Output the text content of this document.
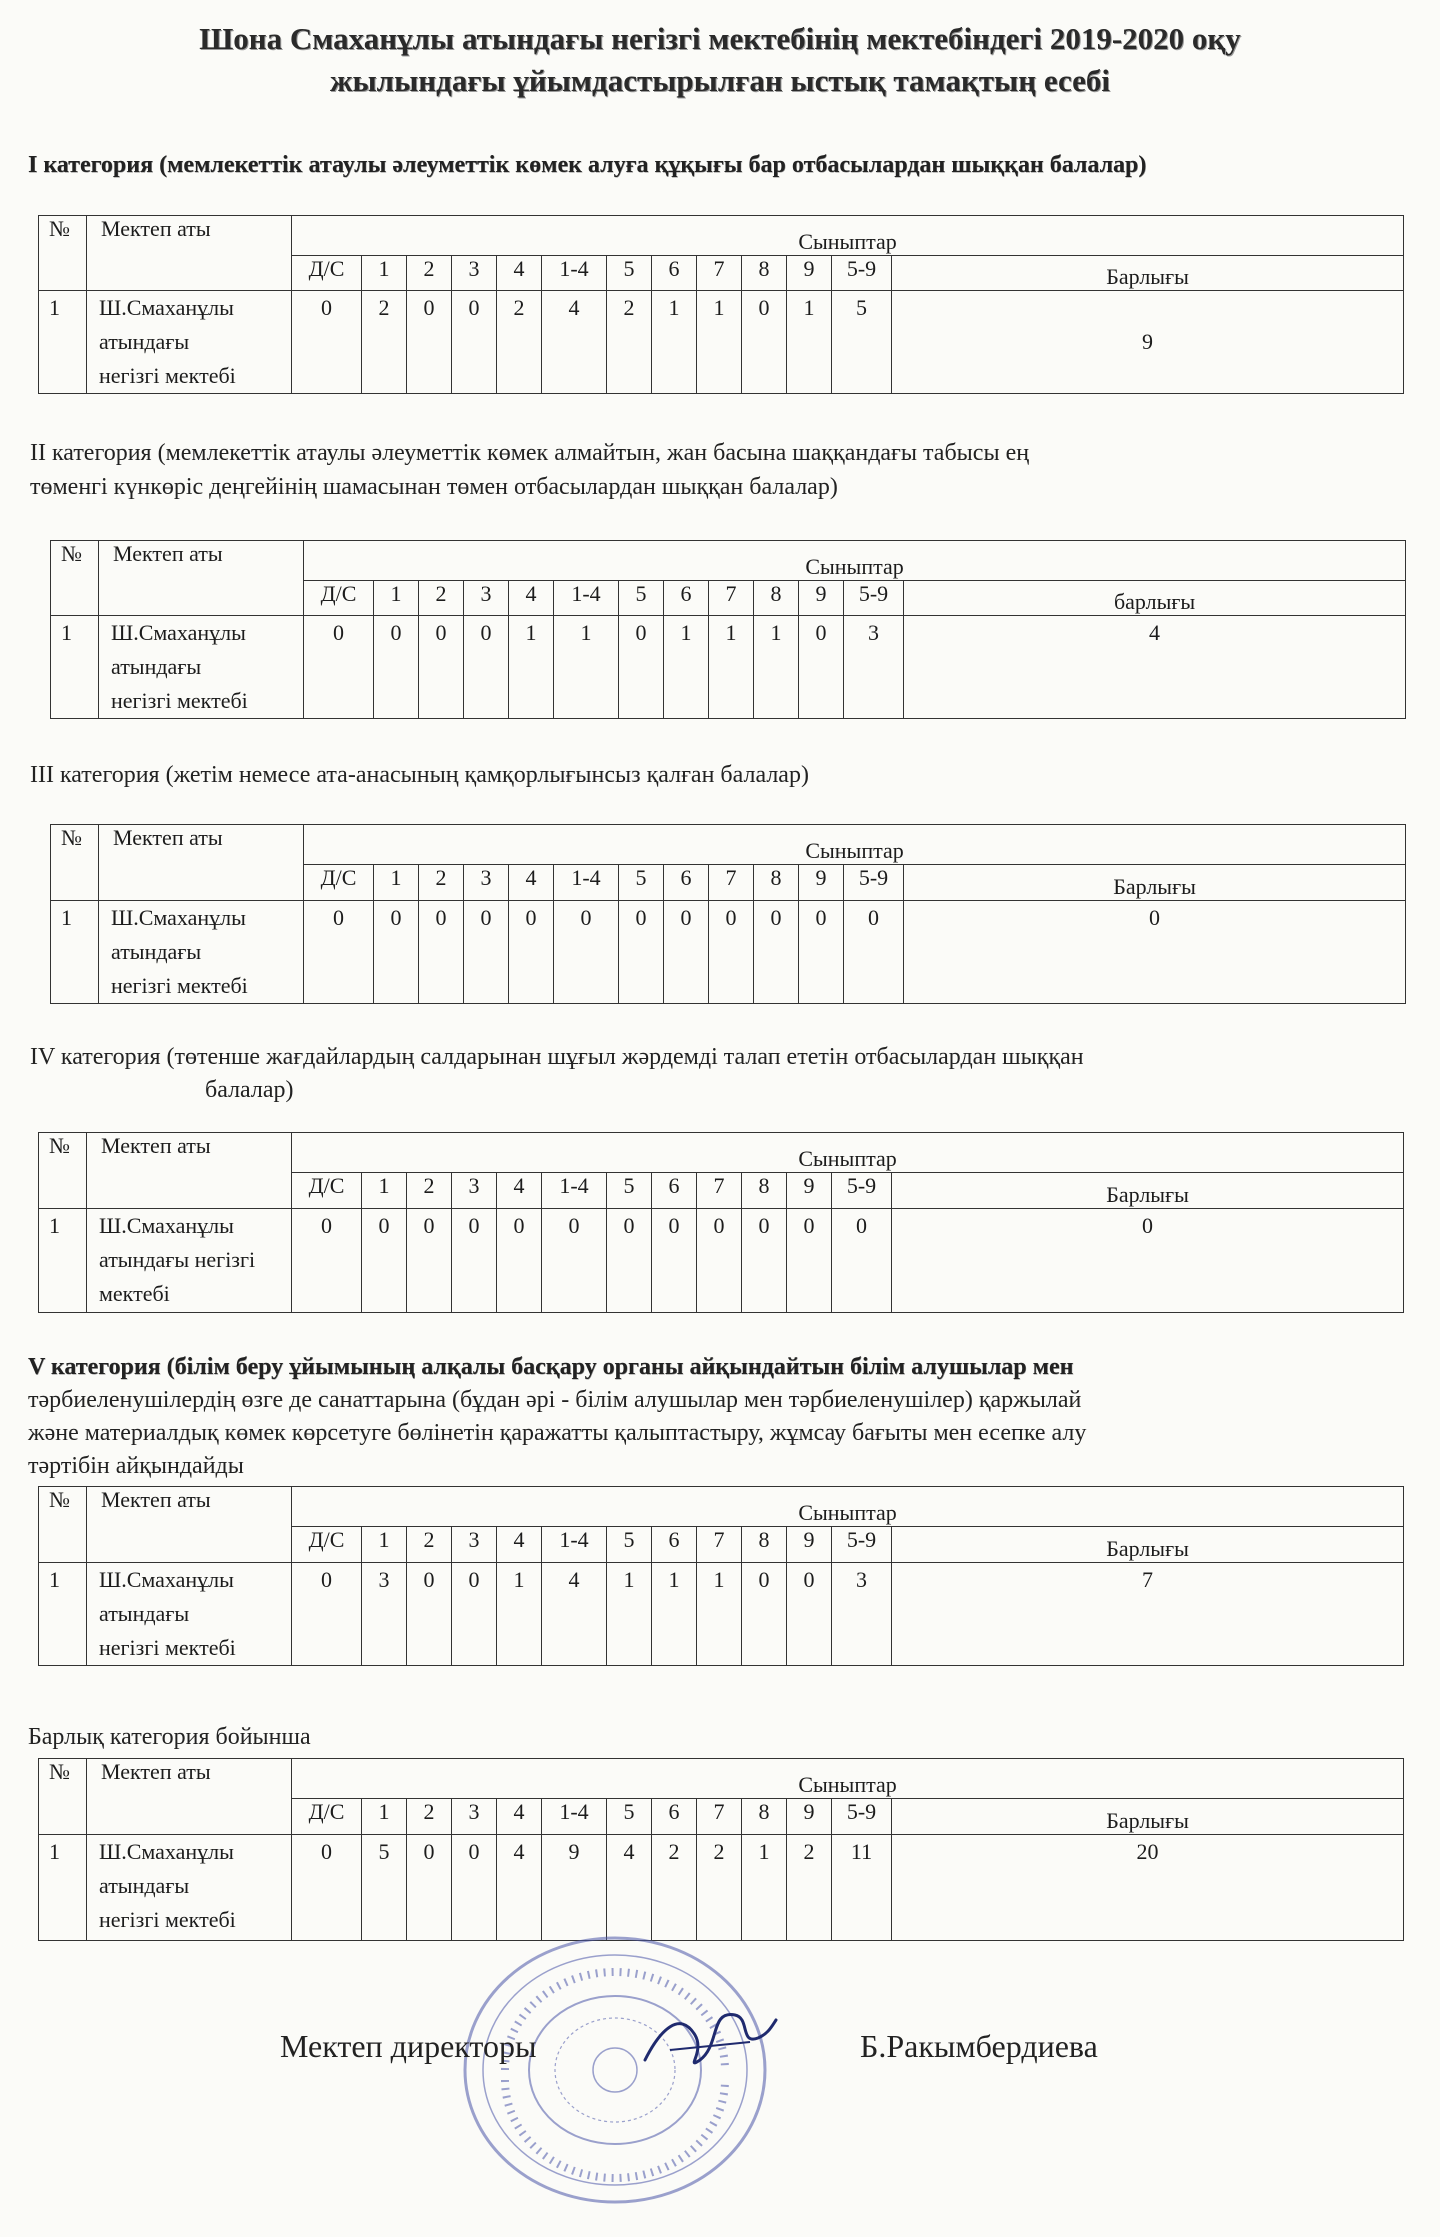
Шона Смаханұлы атындағы негізгі мектебінің мектебіндегі 2019-2020 оқу
жылындағы ұйымдастырылған ыстық тамақтың есебі
І категория (мемлекеттік атаулы әлеуметтік көмек алуға құқығы бар отбасылардан шыққан балалар)
№	Мектеп аты	Сыныптар												
		Д/С	1	2	3	4	1-4	5	6	7	8	9	5-9	Барлығы
1	Ш.Смаханұлы
атындағы
негізгі мектебі	0	2	0	0	2	4	2	1	1	0	1	5	9
ІІ категория (мемлекеттік атаулы әлеуметтік көмек алмайтын, жан басына шаққандағы табысы ең
төменгі күнкөріс деңгейінің шамасынан төмен отбасылардан шыққан балалар)
№	Мектеп аты	Сыныптар												
		Д/С	1	2	3	4	1-4	5	6	7	8	9	5-9	барлығы
1	Ш.Смаханұлы
атындағы
негізгі мектебі	0	0	0	0	1	1	0	1	1	1	0	3	4
ІІІ категория (жетім немесе ата-анасының қамқорлығынсыз қалған балалар)
№	Мектеп аты	Сыныптар												
		Д/С	1	2	3	4	1-4	5	6	7	8	9	5-9	Барлығы
1	Ш.Смаханұлы
атындағы
негізгі мектебі	0	0	0	0	0	0	0	0	0	0	0	0	0
ІV категория (төтенше жағдайлардың салдарынан шұғыл жәрдемді талап ететін отбасылардан шыққан
балалар)
№	Мектеп аты	Сыныптар												
		Д/С	1	2	3	4	1-4	5	6	7	8	9	5-9	Барлығы
1	Ш.Смаханұлы
атындағы негізгі
мектебі	0	0	0	0	0	0	0	0	0	0	0	0	0
V категория (білім беру ұйымының алқалы басқару органы айқындайтын білім алушылар мен
тәрбиеленушілердің өзге де санаттарына (бұдан әрі - білім алушылар мен тәрбиеленушілер) қаржылай
және материалдық көмек көрсетуге бөлінетін қаражатты қалыптастыру, жұмсау бағыты мен есепке алу
тәртібін айқындайды
№	Мектеп аты	Сыныптар												
		Д/С	1	2	3	4	1-4	5	6	7	8	9	5-9	Барлығы
1	Ш.Смаханұлы
атындағы
негізгі мектебі	0	3	0	0	1	4	1	1	1	0	0	3	7
Барлық категория бойынша
№	Мектеп аты	Сыныптар												
		Д/С	1	2	3	4	1-4	5	6	7	8	9	5-9	Барлығы
1	Ш.Смаханұлы
атындағы
негізгі мектебі	0	5	0	0	4	9	4	2	2	1	2	11	20
Мектеп директоры	Б.Ракымбердиева
